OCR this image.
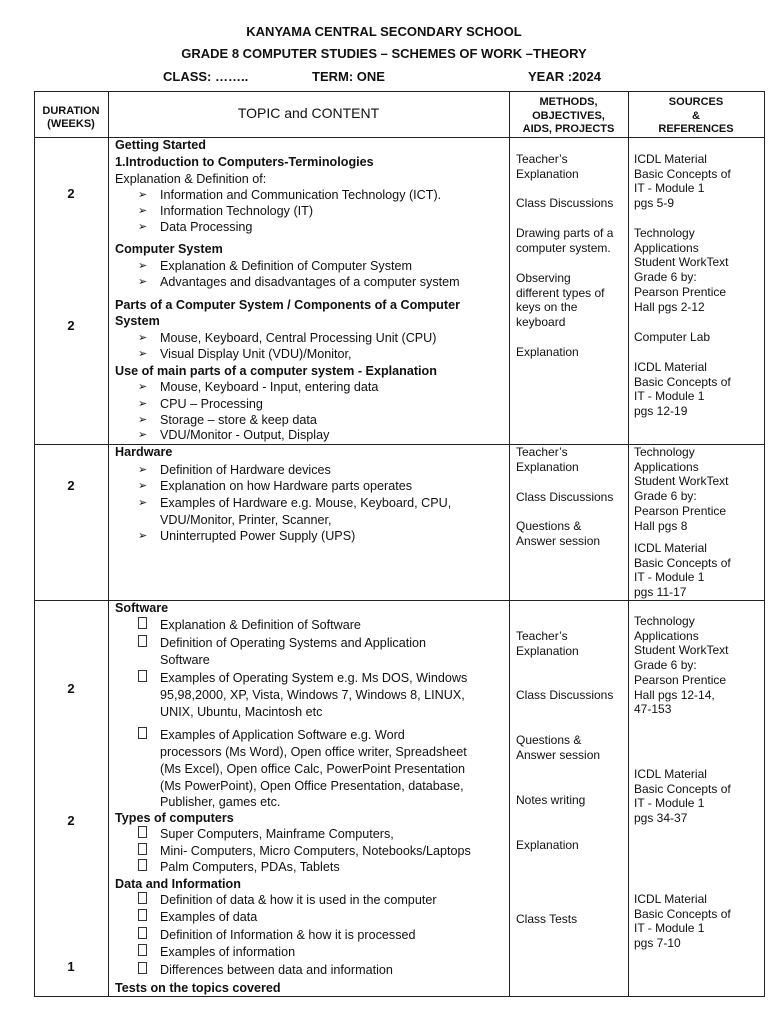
KANYAMA CENTRAL SECONDARY SCHOOL
GRADE 8 COMPUTER STUDIES – SCHEMES OF WORK –THEORY
CLASS: ……..	TERM: ONE	YEAR :2024
DURATION
(WEEKS)
TOPIC and CONTENT
METHODS,
OBJECTIVES,
AIDS, PROJECTS
SOURCES
&
REFERENCES
2
2
Getting Started
1.Introduction to Computers-Terminologies
Explanation & Definition of:
➢ Information and Communication Technology (ICT).
➢ Information Technology (IT)
➢ Data Processing
Computer System
➢ Explanation & Definition of Computer System
➢ Advantages and disadvantages of a computer system
Parts of a Computer System / Components of a Computer
System
➢ Mouse, Keyboard, Central Processing Unit (CPU)
➢ Visual Display Unit (VDU)/Monitor,
Use of main parts of a computer system - Explanation
➢ Mouse, Keyboard - Input, entering data
➢ CPU – Processing
➢ Storage – store & keep data
➢ VDU/Monitor - Output, Display
Teacher’s
Explanation
Class Discussions
Drawing parts of a
computer system.
Observing
different types of
keys on the
keyboard
Explanation
ICDL Material
Basic Concepts of
IT - Module 1
pgs 5-9
Technology
Applications
Student WorkText
Grade 6 by:
Pearson Prentice
Hall pgs 2-12
Computer Lab
ICDL Material
Basic Concepts of
IT - Module 1
pgs 12-19
2
Hardware
➢ Definition of Hardware devices
➢ Explanation on how Hardware parts operates
➢ Examples of Hardware e.g. Mouse, Keyboard, CPU,
VDU/Monitor, Printer, Scanner,
➢ Uninterrupted Power Supply (UPS)
Teacher’s
Explanation
Class Discussions
Questions &
Answer session
Technology
Applications
Student WorkText
Grade 6 by:
Pearson Prentice
Hall pgs 8
ICDL Material
Basic Concepts of
IT - Module 1
pgs 11-17
2
2
1
Software
Explanation & Definition of Software
Definition of Operating Systems and Application
Software
Examples of Operating System e.g. Ms DOS, Windows
95,98,2000, XP, Vista, Windows 7, Windows 8, LINUX,
UNIX, Ubuntu, Macintosh etc
Examples of Application Software e.g. Word
processors (Ms Word), Open office writer, Spreadsheet
(Ms Excel), Open office Calc, PowerPoint Presentation
(Ms PowerPoint), Open Office Presentation, database,
Publisher, games etc.
Types of computers
Super Computers, Mainframe Computers,
Mini- Computers, Micro Computers, Notebooks/Laptops
Palm Computers, PDAs, Tablets
Data and Information
Definition of data & how it is used in the computer
Examples of data
Definition of Information & how it is processed
Examples of information
Differences between data and information
Tests on the topics covered
Teacher’s
Explanation
Class Discussions
Questions &
Answer session
Notes writing
Explanation
Class Tests
Technology
Applications
Student WorkText
Grade 6 by:
Pearson Prentice
Hall pgs 12-14,
47-153
ICDL Material
Basic Concepts of
IT - Module 1
pgs 34-37
ICDL Material
Basic Concepts of
IT - Module 1
pgs 7-10
